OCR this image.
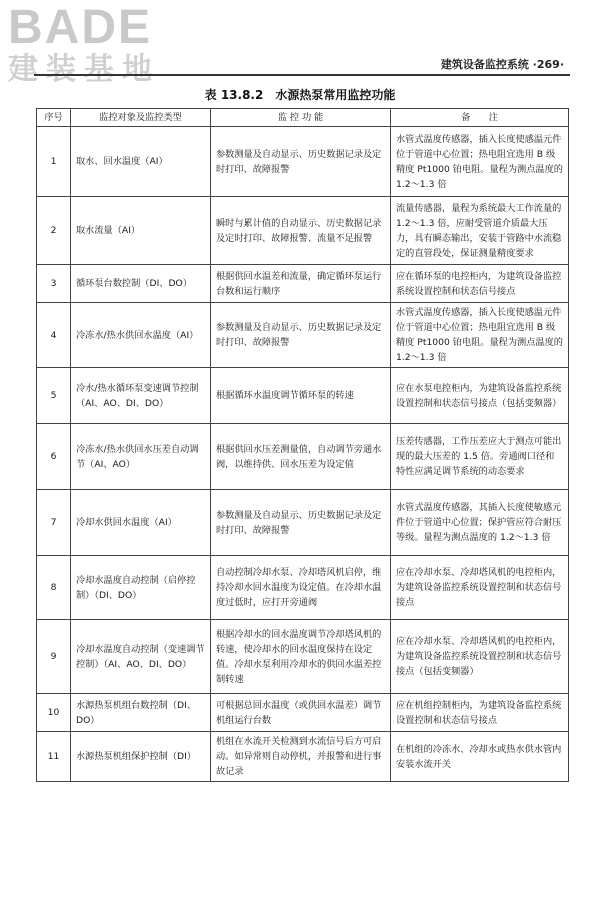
BADE
建装基地	建筑设备监控系统 ·269·
表 13.8.2　水源热泵常用监控功能
序号	监控对象及监控类型	监 控 功 能	备　　注
1	取水、回水温度（AI）	参数测量及自动显示、历史数据记录及定时打印、故障报警	水管式温度传感器，插入长度使感温元件位于管道中心位置；热电阻宜选用 B 级精度 Pt1000 铂电阻。量程为测点温度的 1.2～1.3 倍
2	取水流量（AI）	瞬时与累计值的自动显示、历史数据记录及定时打印、故障报警、流量不足报警	流量传感器，量程为系统最大工作流量的 1.2～1.3 倍，应耐受管道介质最大压力，具有瞬态输出，安装于管路中水流稳定的直管段处，保证测量精度要求
3	循环泵台数控制（DI、DO）	根据供回水温差和流量，确定循环泵运行台数和运行顺序	应在循环泵的电控柜内，为建筑设备监控系统设置控制和状态信号接点
4	冷冻水/热水供回水温度（AI）	参数测量及自动显示、历史数据记录及定时打印、故障报警	水管式温度传感器，插入长度使感温元件位于管道中心位置；热电阻宜选用 B 级精度 Pt1000 铂电阻。量程为测点温度的 1.2～1.3 倍
5	冷水/热水循环泵变速调节控制（AI、AO、DI、DO）	根据循环水温度调节循环泵的转速	应在水泵电控柜内，为建筑设备监控系统设置控制和状态信号接点（包括变频器）
6	冷冻水/热水供回水压差自动调节（AI、AO）	根据供回水压差测量值，自动调节旁通水阀，以维持供、回水压差为设定值	压差传感器，工作压差应大于测点可能出现的最大压差的 1.5 倍。旁通阀口径和特性应满足调节系统的动态要求
7	冷却水供回水温度（AI）	参数测量及自动显示、历史数据记录及定时打印、故障报警	水管式温度传感器，其插入长度使敏感元件位于管道中心位置；保护管应符合耐压等级。量程为测点温度的 1.2～1.3 倍
8	冷却水温度自动控制（启停控制）（DI、DO）	自动控制冷却水泵、冷却塔风机启停，维持冷却水回水温度为设定值。在冷却水温度过低时，应打开旁通阀	应在冷却水泵、冷却塔风机的电控柜内，为建筑设备监控系统设置控制和状态信号接点
9	冷却水温度自动控制（变速调节控制）（AI、AO、DI、DO）	根据冷却水的回水温度调节冷却塔风机的转速，使冷却水的回水温度保持在设定值。冷却水泵利用冷却水的供回水温差控制转速	应在冷却水泵、冷却塔风机的电控柜内，为建筑设备监控系统设置控制和状态信号接点（包括变频器）
10	水源热泵机组台数控制（DI、DO）	可根据总回水温度（或供回水温差）调节机组运行台数	应在机组控制柜内，为建筑设备监控系统设置控制和状态信号接点
11	水源热泵机组保护控制（DI）	机组在水流开关检测到水流信号后方可启动。如异常则自动停机，并报警和进行事故记录	在机组的冷冻水、冷却水或热水供水管内安装水流开关
